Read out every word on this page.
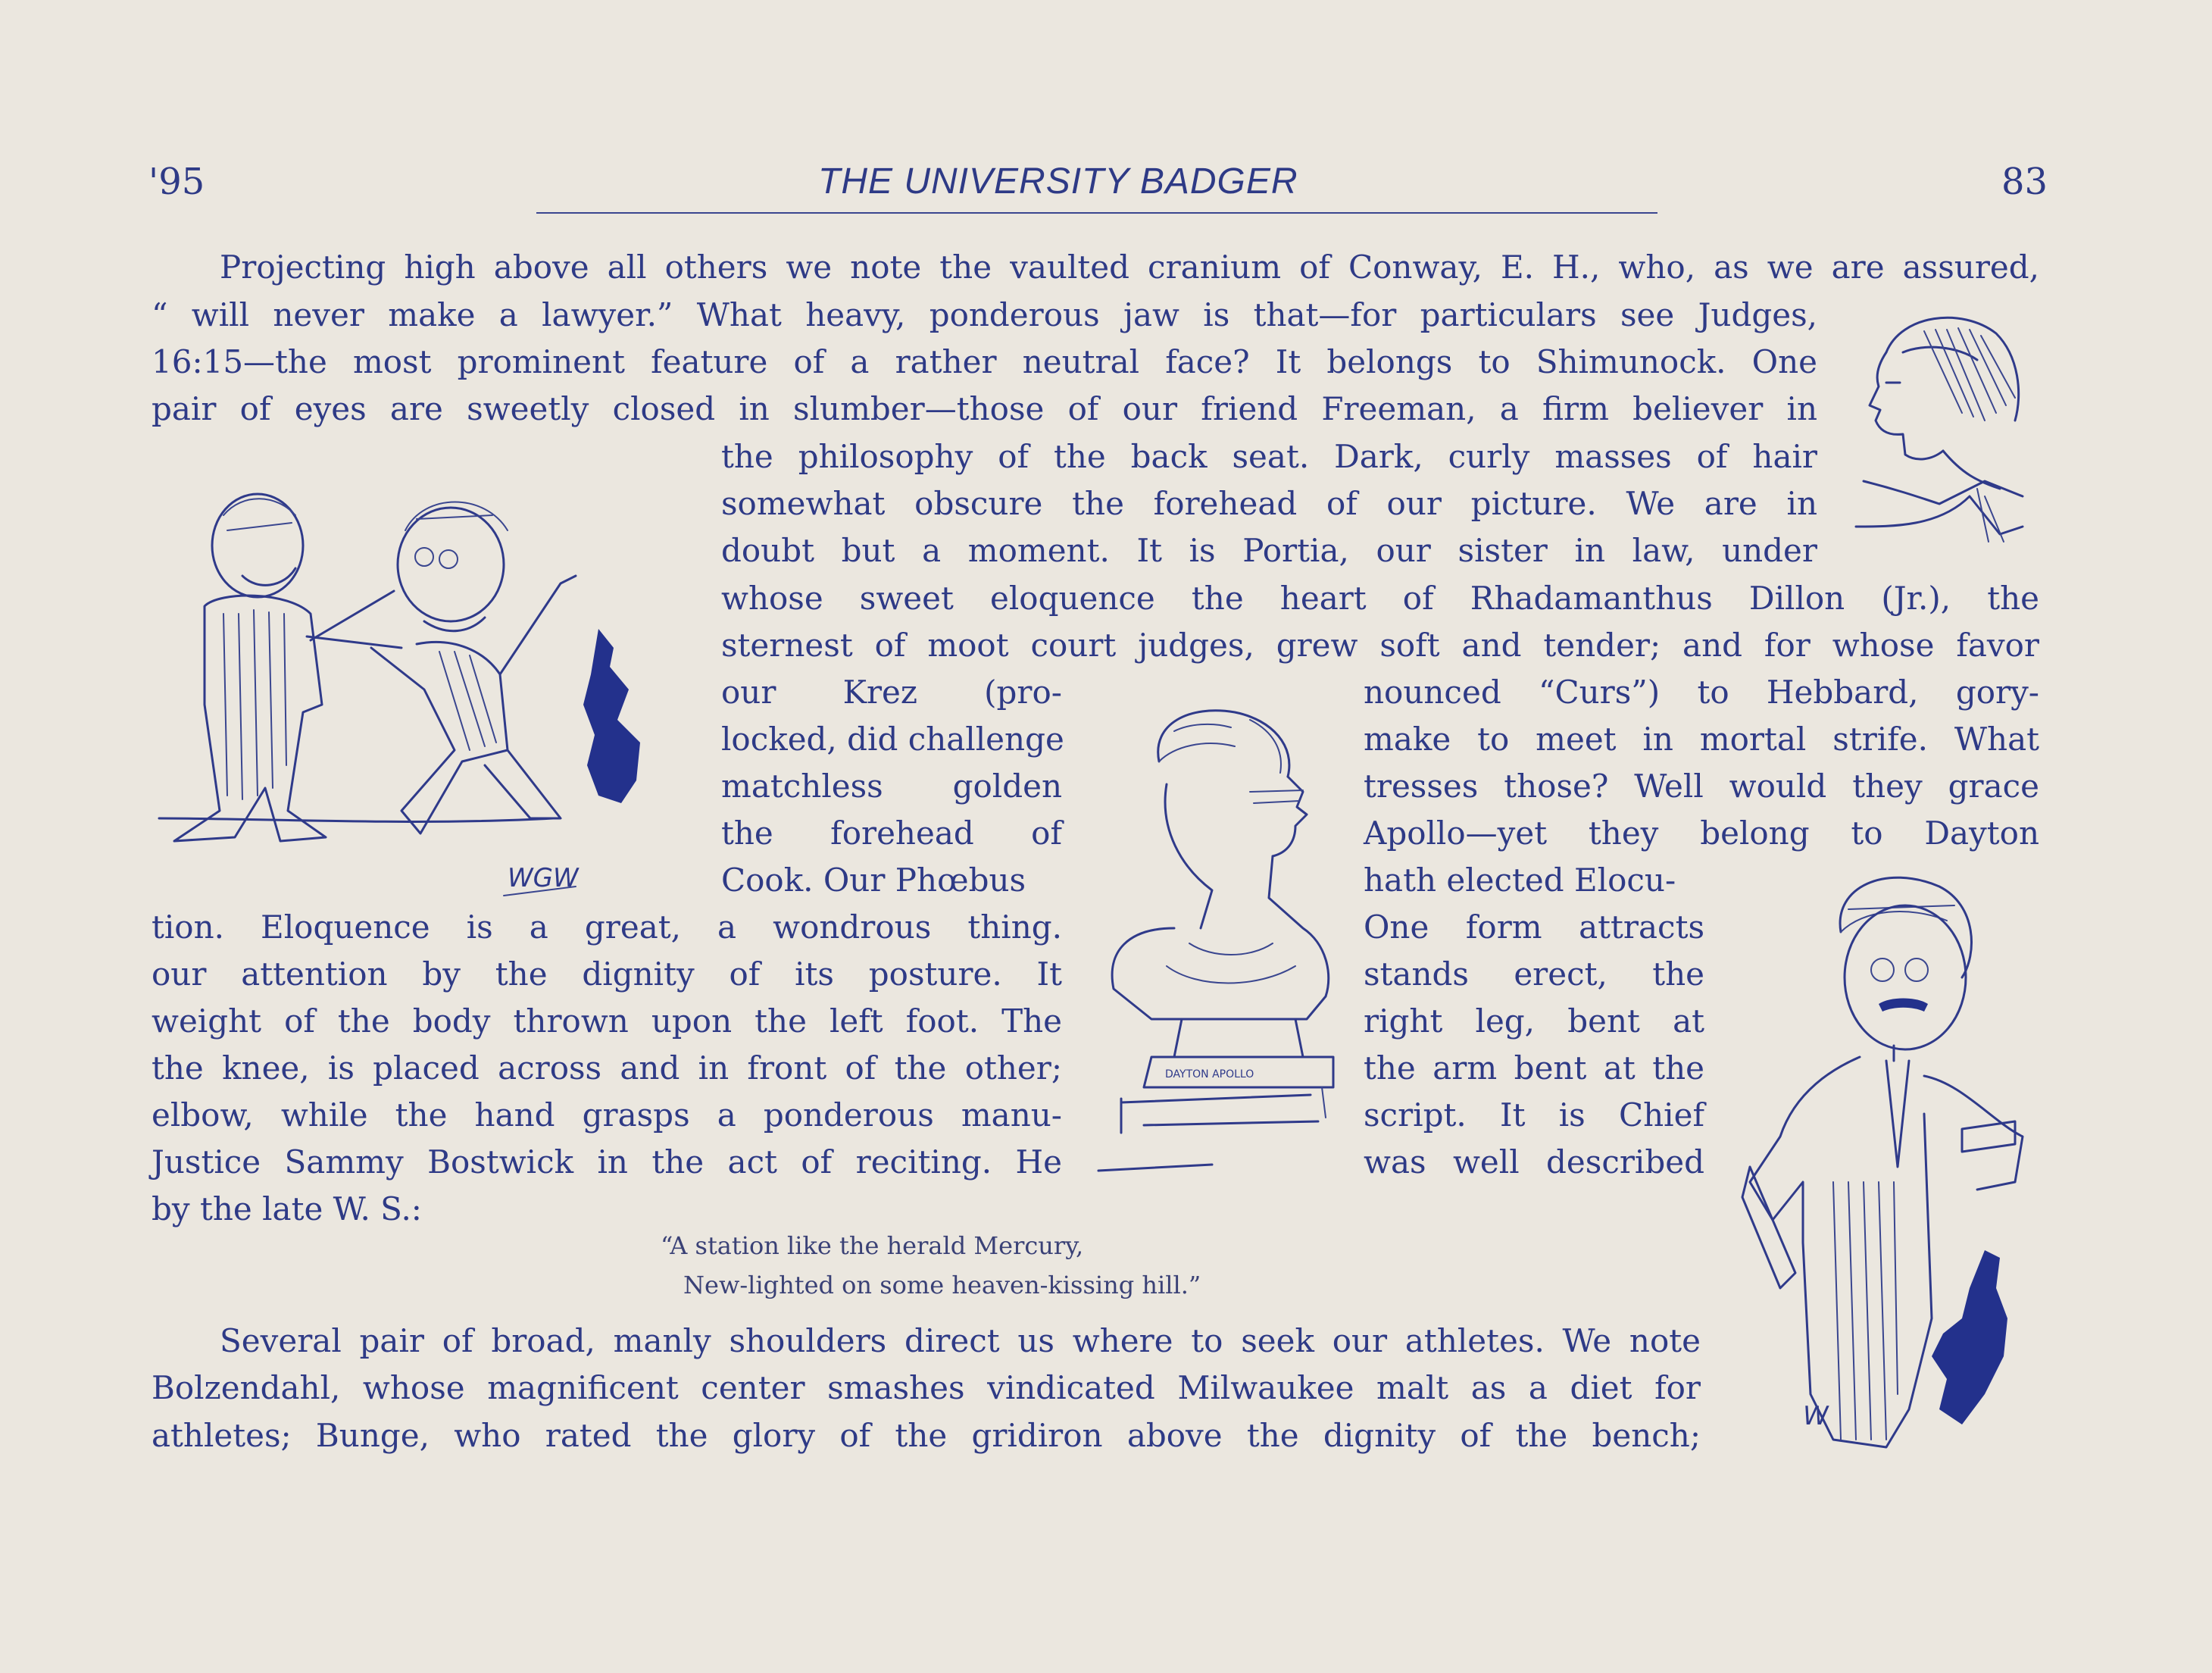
'95	THE UNIVERSITY BADGER	83
Projecting high above all others we note the vaulted cranium of Conway, E. H., who, as we are assured,
“ will never make a lawyer.” What heavy, ponderous jaw is that—for particulars see Judges,
16:15—the most prominent feature of a rather neutral face? It belongs to Shimunock. One
pair of eyes are sweetly closed in slumber—those of our friend Freeman, a firm believer in
the philosophy of the back seat. Dark, curly masses of hair
somewhat obscure the forehead of our picture. We are in
doubt but a moment. It is Portia, our sister in law, under
whose sweet eloquence the heart of Rhadamanthus Dillon (Jr.), the
sternest of moot court judges, grew soft and tender; and for whose favor
our Krez (pro-	nounced “Curs”) to Hebbard, gory-
locked, did challenge	make to meet in mortal strife. What
matchless golden	tresses those? Well would they grace
the forehead of	Apollo—yet they belong to Dayton
Cook. Our Phœbus	hath elected Elocu-
tion. Eloquence is a great, a wondrous thing.	One form attracts
our attention by the dignity of its posture. It	stands erect, the
weight of the body thrown upon the left foot. The	right leg, bent at
the knee, is placed across and in front of the other;	the arm bent at the
elbow, while the hand grasps a ponderous manu-	script. It is Chief
Justice Sammy Bostwick in the act of reciting. He	was well described
by the late W. S.:
“A station like the herald Mercury,
New-lighted on some heaven-kissing hill.”
Several pair of broad, manly shoulders direct us where to seek our athletes. We note
Bolzendahl, whose magnificent center smashes vindicated Milwaukee malt as a diet for
athletes; Bunge, who rated the glory of the gridiron above the dignity of the bench;
WGW
DAYTON APOLLO
W
